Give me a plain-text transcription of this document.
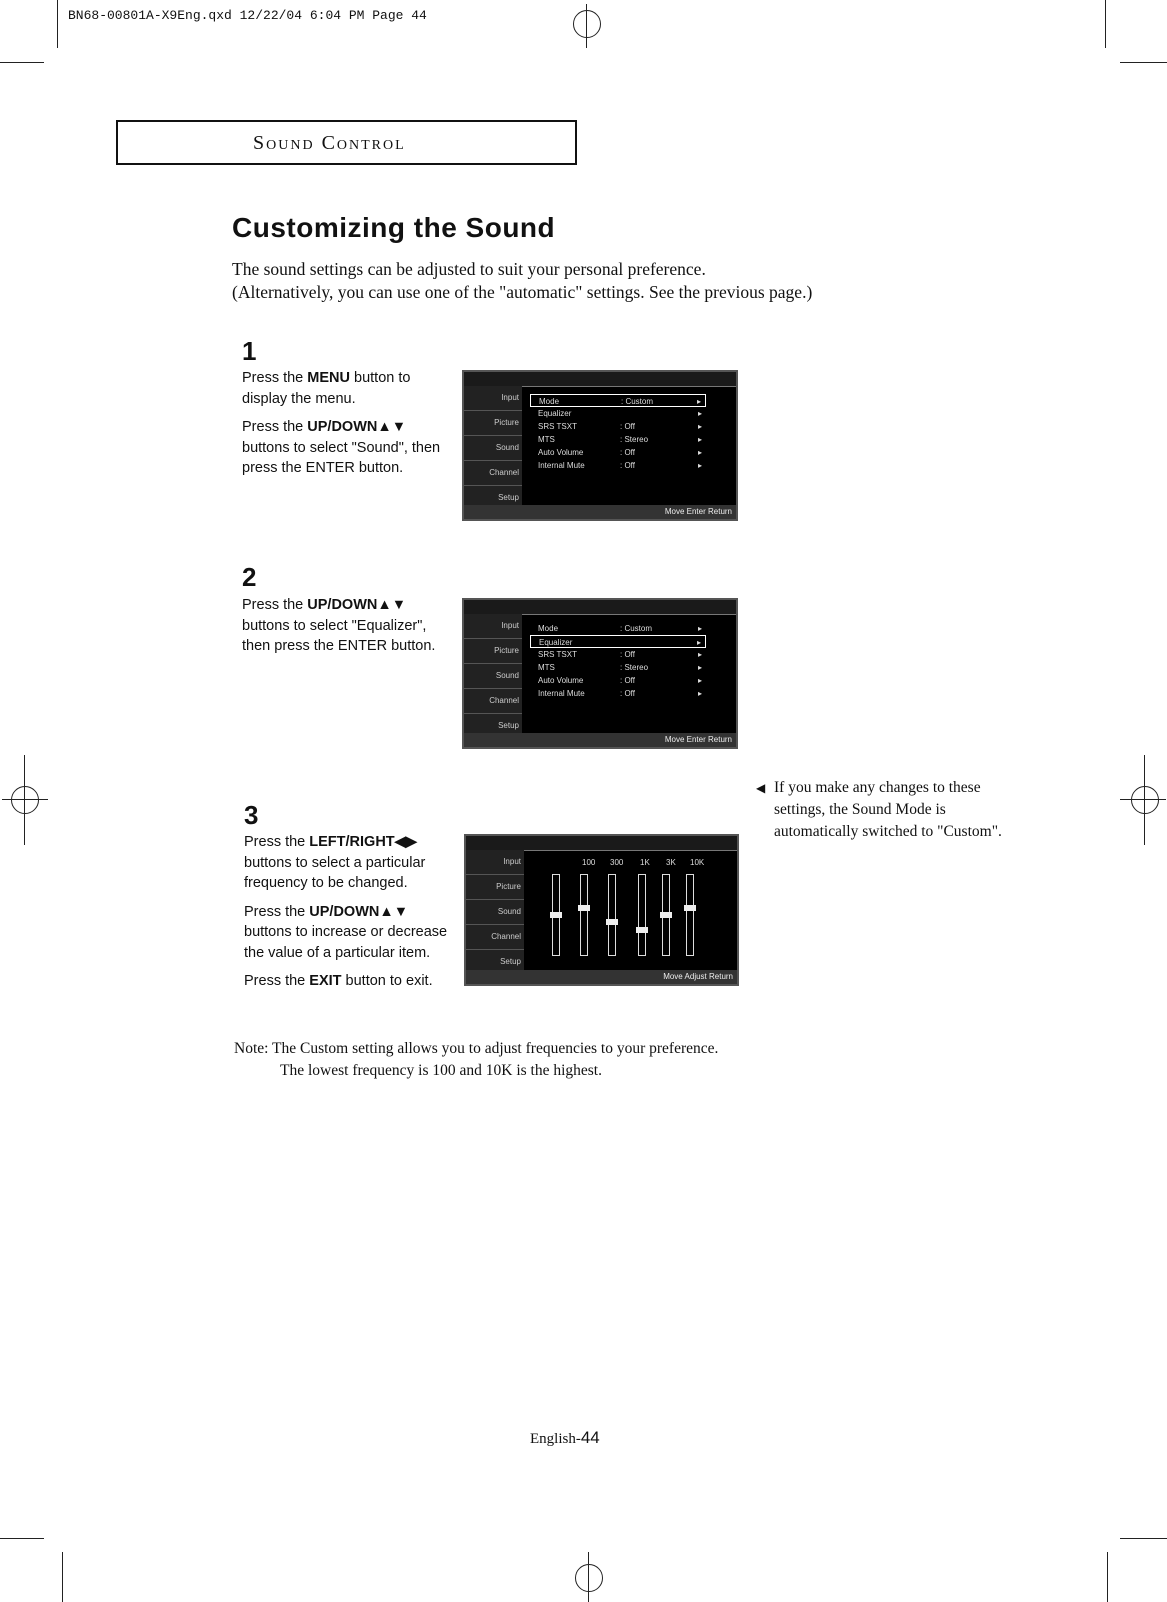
BN68-00801A-X9Eng.qxd 12/22/04 6:04 PM Page 44
Sound Control
Customizing the Sound
The sound settings can be adjusted to suit your personal preference.
(Alternatively, you can use one of the "automatic" settings. See the previous page.)
1

Press the MENU button to display the menu.

Press the UP/DOWN▲▼ buttons to select "Sound", then press the ENTER button.

Input
Picture
Sound
Channel
Setup
Mode	: Custom	▸
Equalizer	▸
SRS TSXT	: Off	▸
MTS	: Stereo	▸
Auto Volume	: Off	▸
Internal Mute	: Off	▸
Move Enter Return
2

Press the UP/DOWN▲▼ buttons to select "Equalizer", then press the ENTER button.

Input
Picture
Sound
Channel
Setup
Mode	: Custom	▸
Equalizer	▸
SRS TSXT	: Off	▸
MTS	: Stereo	▸
Auto Volume	: Off	▸
Internal Mute	: Off	▸
Move Enter Return
3

Press the LEFT/RIGHT◀▶ buttons to select a particular frequency to be changed.

Press the UP/DOWN▲▼ buttons to increase or decrease the value of a particular item.

Press the EXIT button to exit.

Input
Picture
Sound
Channel
Setup
100 300 1K 3K 10K
Move Adjust Return
◀ If you make any changes to these settings, the Sound Mode is automatically switched to "Custom".
Note: The Custom setting allows you to adjust frequencies to your preference.
The lowest frequency is 100 and 10K is the highest.
English-44
